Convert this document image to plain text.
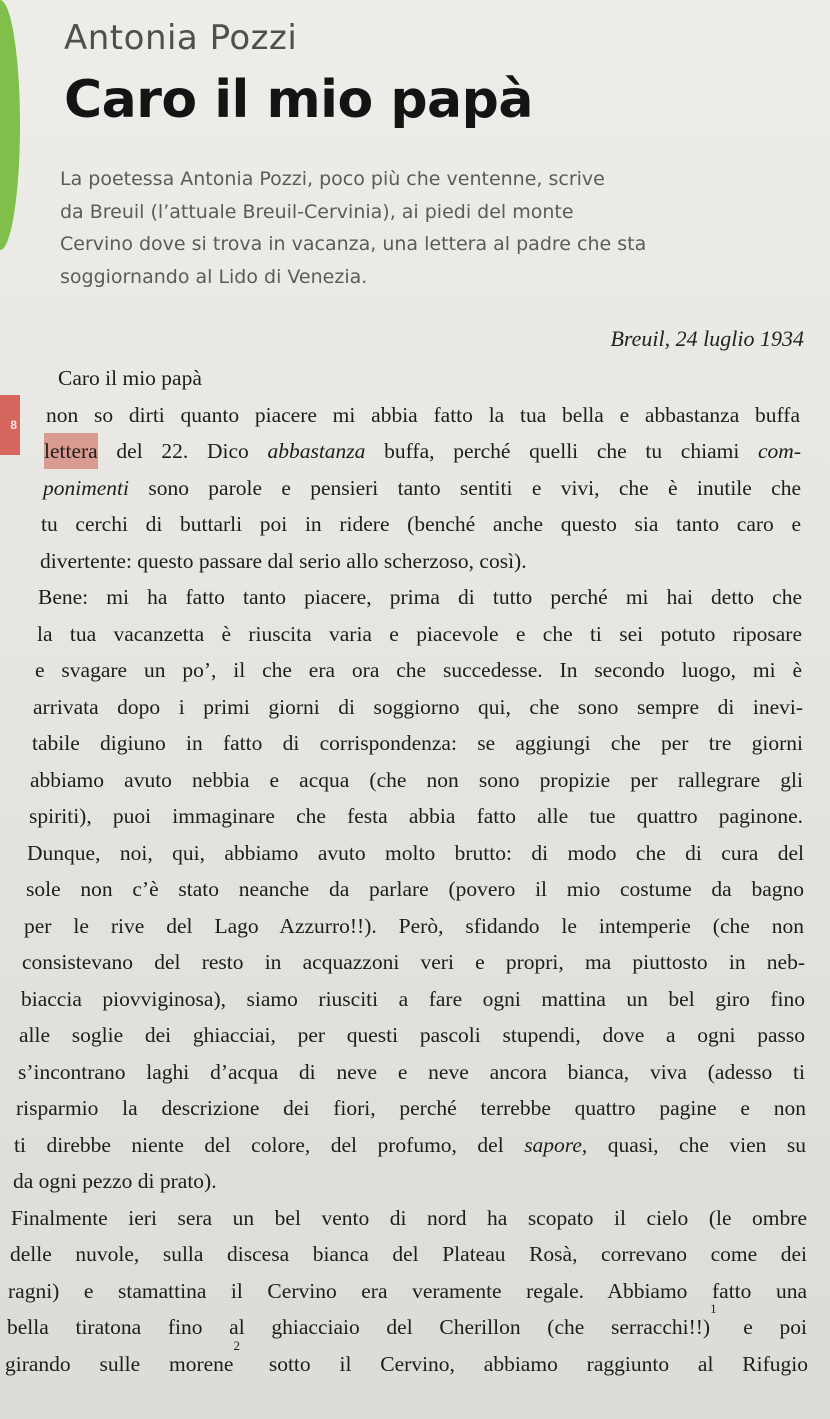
8
Antonia Pozzi
Caro il mio papà
La poetessa Antonia Pozzi, poco più che ventenne, scrive
da Breuil (l’attuale Breuil-Cervinia), ai piedi del monte
Cervino dove si trova in vacanza, una lettera al padre che sta
soggiornando al Lido di Venezia.
Breuil, 24 luglio 1934
Caro il mio papà
non so dirti quanto piacere mi abbia fatto la tua bella e abbastanza buffa
lettera del 22. Dico abbastanza buffa, perché quelli che tu chiami com-
ponimenti sono parole e pensieri tanto sentiti e vivi, che è inutile che
tu cerchi di buttarli poi in ridere (benché anche questo sia tanto caro e
divertente: questo passare dal serio allo scherzoso, così).
Bene: mi ha fatto tanto piacere, prima di tutto perché mi hai detto che
la tua vacanzetta è riuscita varia e piacevole e che ti sei potuto riposare
e svagare un po’, il che era ora che succedesse. In secondo luogo, mi è
arrivata dopo i primi giorni di soggiorno qui, che sono sempre di inevi-
tabile digiuno in fatto di corrispondenza: se aggiungi che per tre giorni
abbiamo avuto nebbia e acqua (che non sono propizie per rallegrare gli
spiriti), puoi immaginare che festa abbia fatto alle tue quattro paginone.
Dunque, noi, qui, abbiamo avuto molto brutto: di modo che di cura del
sole non c’è stato neanche da parlare (povero il mio costume da bagno
per le rive del Lago Azzurro!!). Però, sfidando le intemperie (che non
consistevano del resto in acquazzoni veri e propri, ma piuttosto in neb-
biaccia piovviginosa), siamo riusciti a fare ogni mattina un bel giro fino
alle soglie dei ghiacciai, per questi pascoli stupendi, dove a ogni passo
s’incontrano laghi d’acqua di neve e neve ancora bianca, viva (adesso ti
risparmio la descrizione dei fiori, perché terrebbe quattro pagine e non
ti direbbe niente del colore, del profumo, del sapore , quasi, che vien su
da ogni pezzo di prato).
Finalmente ieri sera un bel vento di nord ha scopato il cielo (le ombre
delle nuvole, sulla discesa bianca del Plateau Rosà, correvano come dei
ragni) e stamattina il Cervino era veramente regale. Abbiamo fatto una
bella tiratona fino al ghiacciaio del Cherillon (che serracchi!!)
1
e poi
girando sulle morene
2
sotto il Cervino, abbiamo raggiunto al Rifugio
